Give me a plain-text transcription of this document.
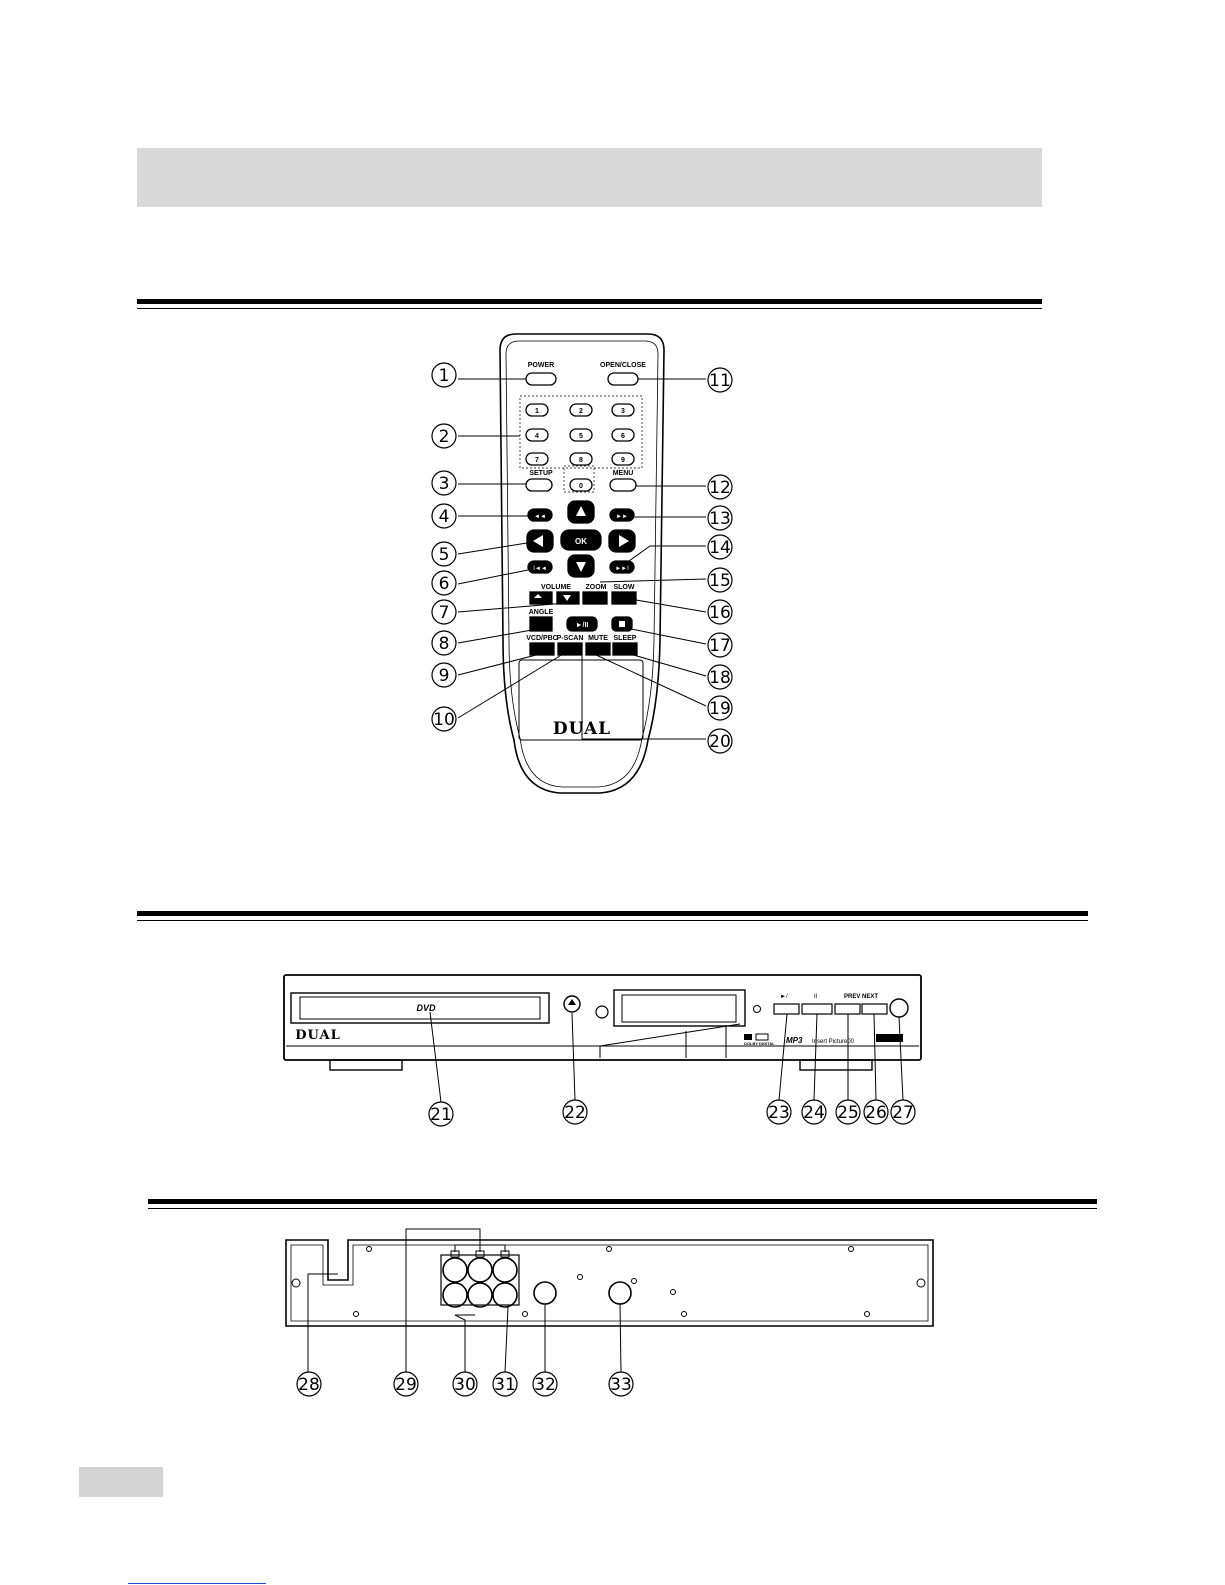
◄◄	►►
I◄◄	►►I
POWER	OPEN/CLOSE
SETUP	MENU
VOLUME ZOOM SLOW
ANGLE
VCD/PBC
P-SCAN MUTE SLEEP
1	2	3
4	5	6
7	8	9
0
OK
►/II
DUAL
1
2
3
4
5
6
7
8
9
10
11
12
13
14
15
16
17
18
19
20
DUAL
DVD
►/	II	PREV NEXT
MP3 Insert Picture00
DOLBY DIGITAL
21	22	23 24 25 26 27
28	29 30 31 32	33
